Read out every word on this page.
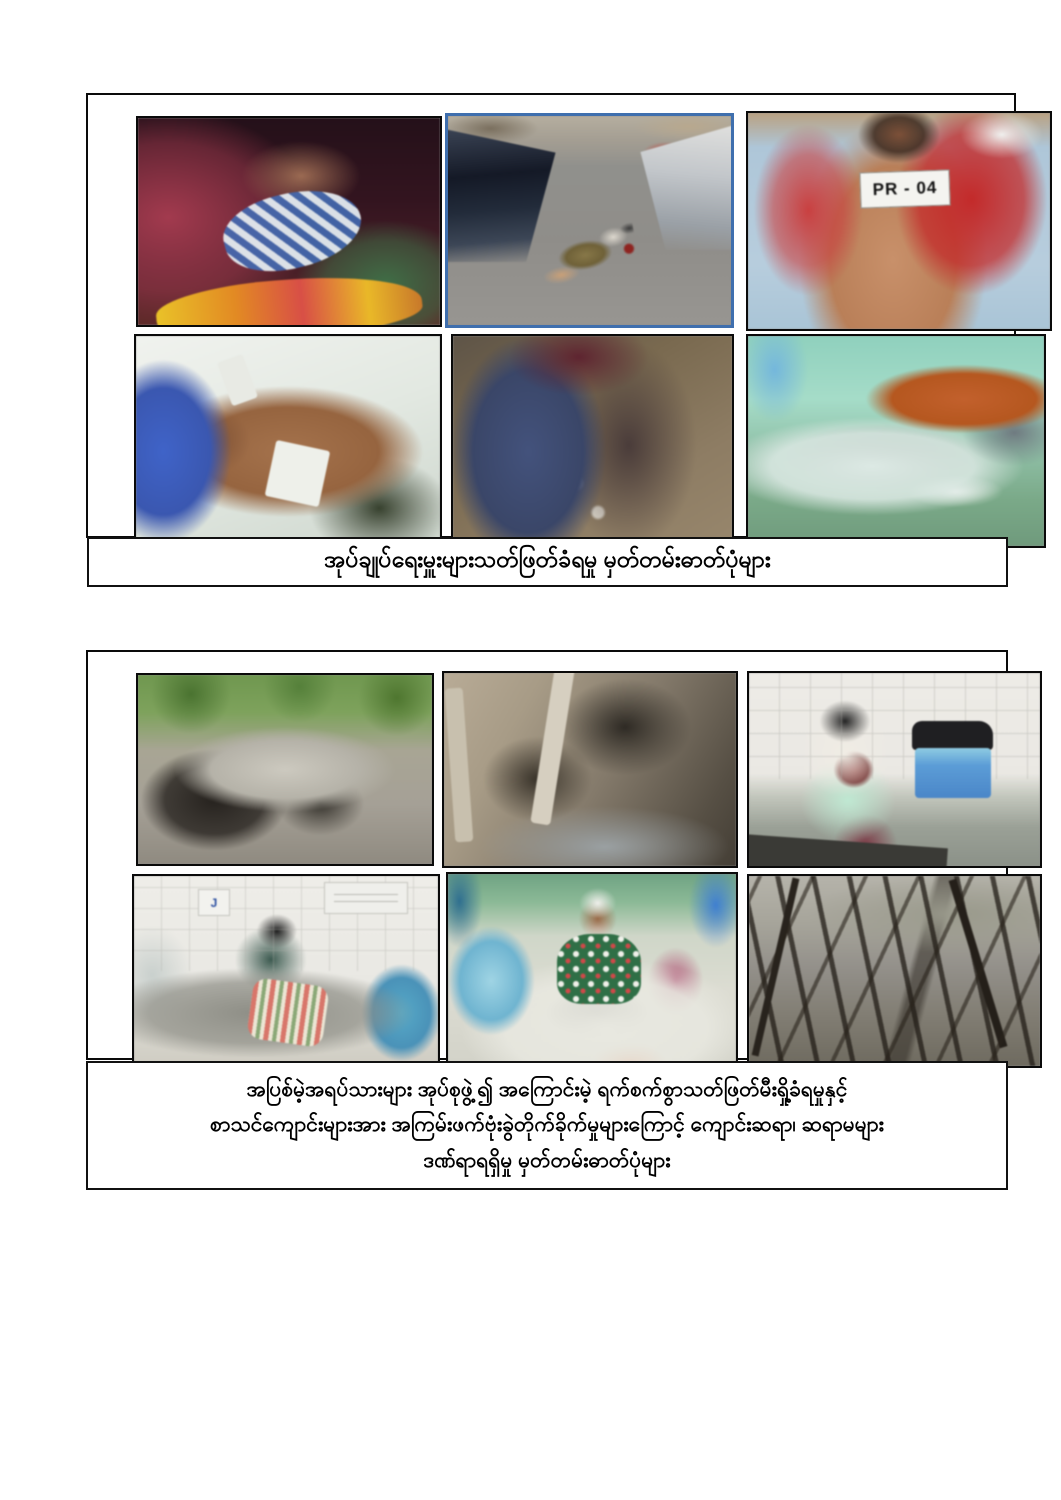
PR - 04
အုပ်ချုပ်ရေးမှူးများသတ်ဖြတ်ခံရမှု မှတ်တမ်းဓာတ်ပုံများ
J
အပြစ်မဲ့အရပ်သားများ အုပ်စုဖွဲ့၍ အကြောင်းမဲ့ ရက်စက်စွာသတ်ဖြတ်မီးရှို့ခံရမှုနှင့်
စာသင်ကျောင်းများအား အကြမ်းဖက်ဗုံးခွဲတိုက်ခိုက်မှုများကြောင့် ကျောင်းဆရာ၊ ဆရာမများ
ဒဏ်ရာရရှိမှု မှတ်တမ်းဓာတ်ပုံများ
